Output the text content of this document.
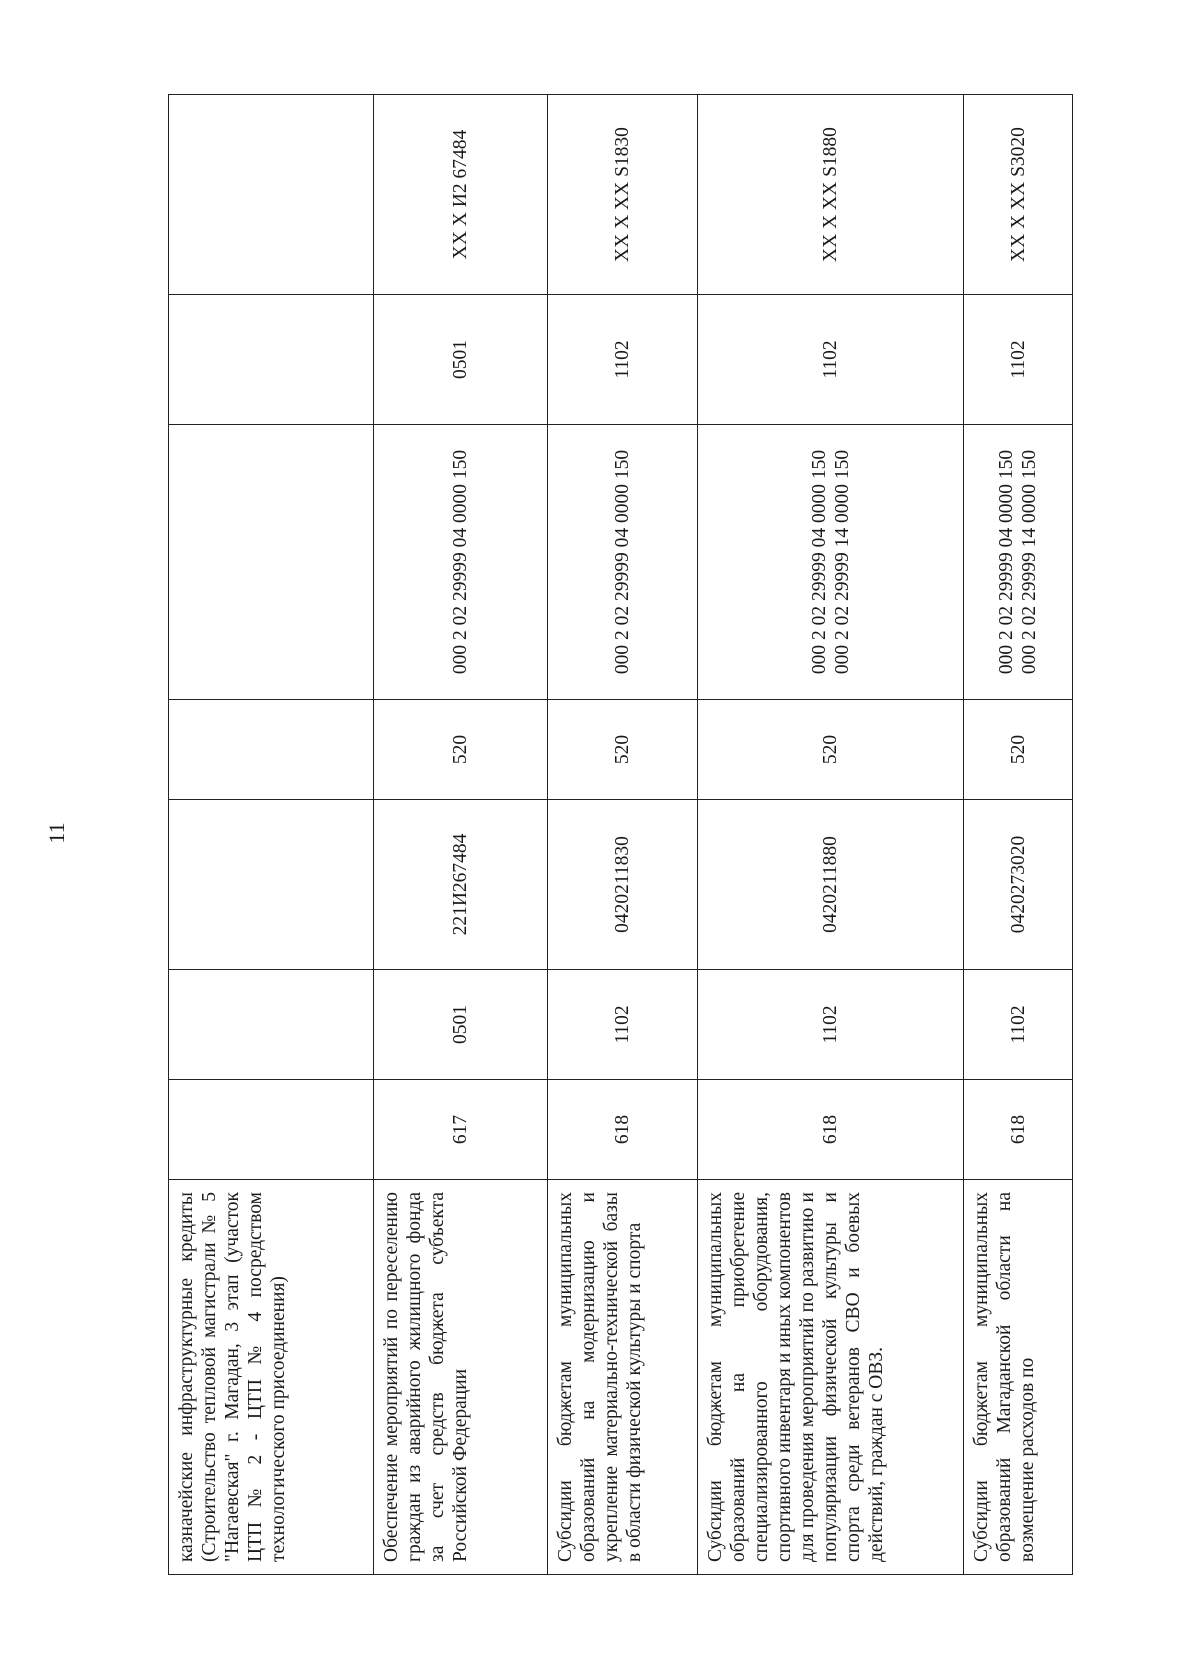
11
казначейские инфраструктурные кредиты (Строительство тепловой магистрали № 5 "Нагаевская" г. Магадан, 3 этап (участок ЦТП № 2 - ЦТП № 4 посредством технологического присоединения)							
Обеспечение мероприятий по переселению граждан из аварийного жилищного фонда за счет средств бюджета субъекта Российской Федерации	617	0501	221И267484	520	000 2 02 29999 04 0000 150	0501	ХХ Х И2 67484
Субсидии бюджетам муниципальных образований на модернизацию и укрепление материально-технической базы в области физической культуры и спорта	618	1102	0420211830	520	000 2 02 29999 04 0000 150	1102	ХХ Х ХХ S1830
Субсидии бюджетам муниципальных образований на приобретение специализированного оборудования, спортивного инвентаря и иных компонентов для проведения мероприятий по развитию и популяризации физической культуры и спорта среди ветеранов СВО и боевых действий, граждан с ОВЗ.	618	1102	0420211880	520	000 2 02 29999 04 0000 150 000 2 02 29999 14 0000 150	1102	ХХ Х ХХ S1880
Субсидии бюджетам муниципальных образований Магаданской области на возмещение расходов по	618	1102	0420273020	520	000 2 02 29999 04 0000 150 000 2 02 29999 14 0000 150	1102	ХХ Х ХХ S3020
